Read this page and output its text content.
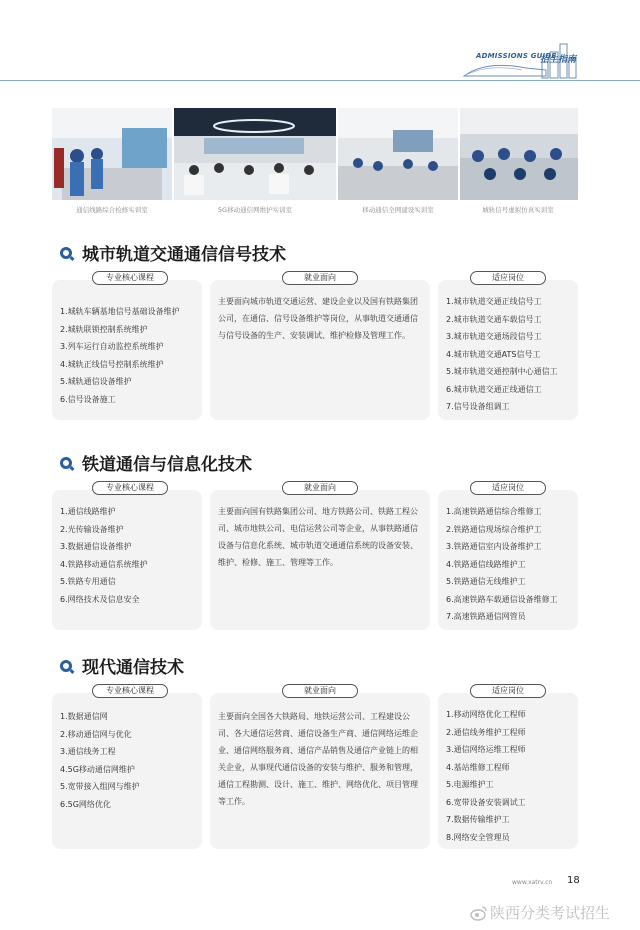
ADMISSIONS GUIDE
招生指南
通信线路综合检修实训室	5G移动通信网维护实训室	移动通信全网建设实训室	城轨信号虚拟仿真实训室
城市轨道交通通信信号技术
专业核心课程	就业面向	适应岗位
1.城轨车辆基地信号基础设备维护
2.城轨联锁控制系统维护
3.列车运行自动监控系统维护
4.城轨正线信号控制系统维护
5.城轨通信设备维护
6.信号设备施工
主要面向城市轨道交通运营、建设企业以及国有铁路集团公司，在通信、信号设备维护等岗位，从事轨道交通通信与信号设备的生产、安装调试、维护检修及管理工作。
1.城市轨道交通正线信号工
2.城市轨道交通车载信号工
3.城市轨道交通场段信号工
4.城市轨道交通ATS信号工
5.城市轨道交通控制中心通信工
6.城市轨道交通正线通信工
7.信号设备组调工
铁道通信与信息化技术
专业核心课程	就业面向	适应岗位
1.通信线路维护
2.光传输设备维护
3.数据通信设备维护
4.铁路移动通信系统维护
5.铁路专用通信
6.网络技术及信息安全
主要面向国有铁路集团公司、地方铁路公司、铁路工程公司、城市地铁公司、电信运营公司等企业，从事铁路通信设备与信息化系统、城市轨道交通通信系统的设备安装、维护、检修、施工、管理等工作。
1.高速铁路通信综合维修工
2.铁路通信现场综合维护工
3.铁路通信室内设备维护工
4.铁路通信线路维护工
5.铁路通信无线维护工
6.高速铁路车载通信设备维修工
7.高速铁路通信网管员
现代通信技术
专业核心课程	就业面向	适应岗位
1.数据通信网
2.移动通信网与优化
3.通信线务工程
4.5G移动通信网维护
5.宽带接入组网与维护
6.5G网络优化
主要面向全国各大铁路局、地铁运营公司、工程建设公司、各大通信运营商、通信设备生产商、通信网络运维企业、通信网络服务商、通信产品销售及通信产业链上的相关企业，从事现代通信设备的安装与维护、服务和管理，通信工程勘测、设计、施工、维护、网络优化、项目管理等工作。
1.移动网络优化工程师
2.通信线务维护工程师
3.通信网络运维工程师
4.基站维修工程师
5.电源维护工
6.宽带设备安装调试工
7.数据传输维护工
8.网络安全管理员
www.xatrv.cn 18
陕西分类考试招生
